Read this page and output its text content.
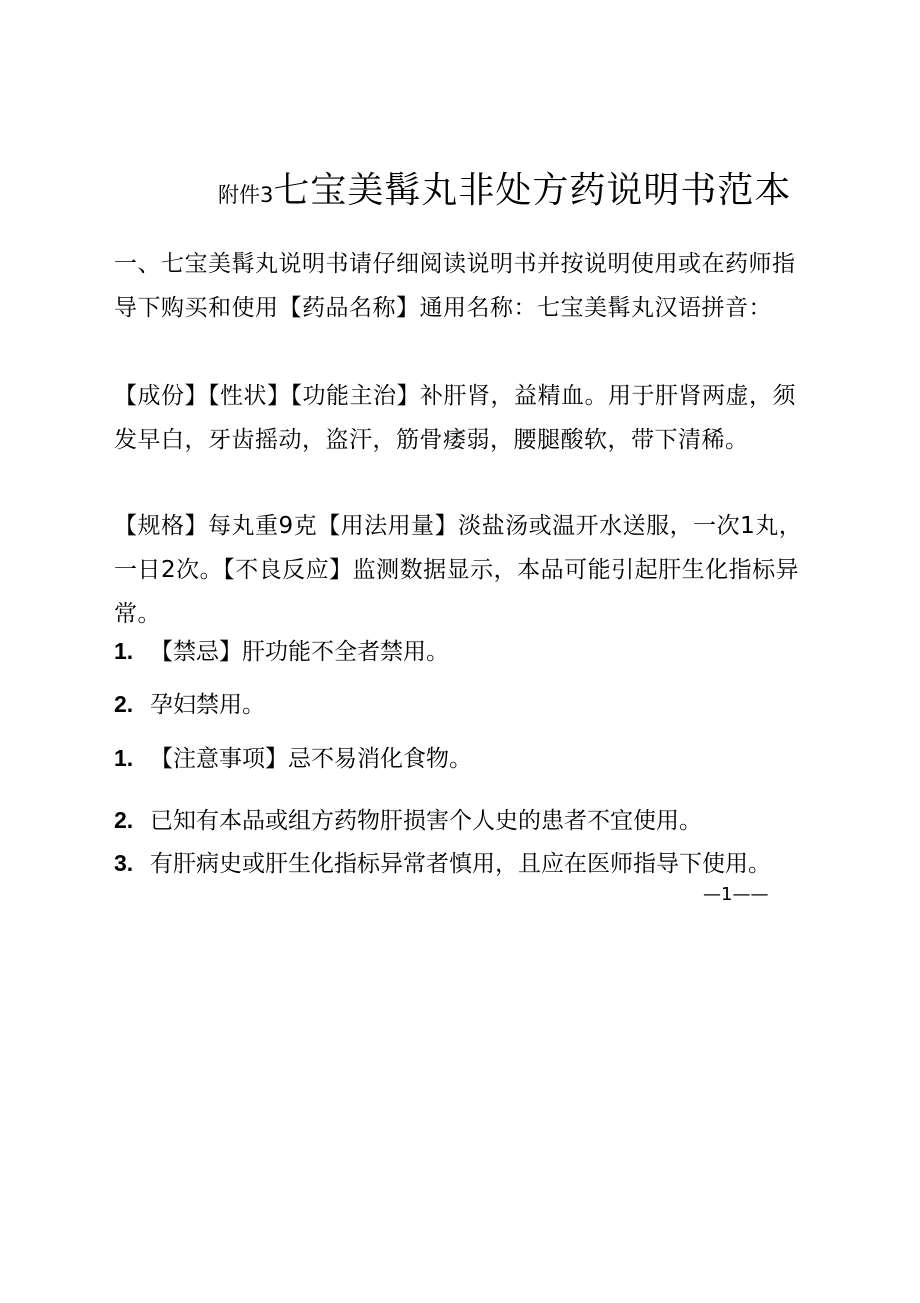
附件3七宝美髯丸非处方药说明书范本
一、七宝美髯丸说明书请仔细阅读说明书并按说明使用或在药师指导下购买和使用【药品名称】通用名称：七宝美髯丸汉语拼音：
【成份】【性状】【功能主治】补肝肾，益精血。用于肝肾两虚，须发早白，牙齿摇动，盗汗，筋骨痿弱，腰腿酸软，带下清稀。
【规格】每丸重9克【用法用量】淡盐汤或温开水送服，一次1丸，一日2次。【不良反应】监测数据显示，本品可能引起肝生化指标异常。
1. 【禁忌】肝功能不全者禁用。
2. 孕妇禁用。
1. 【注意事项】忌不易消化食物。
2. 已知有本品或组方药物肝损害个人史的患者不宜使用。
3. 有肝病史或肝生化指标异常者慎用，且应在医师指导下使用。
—1——
